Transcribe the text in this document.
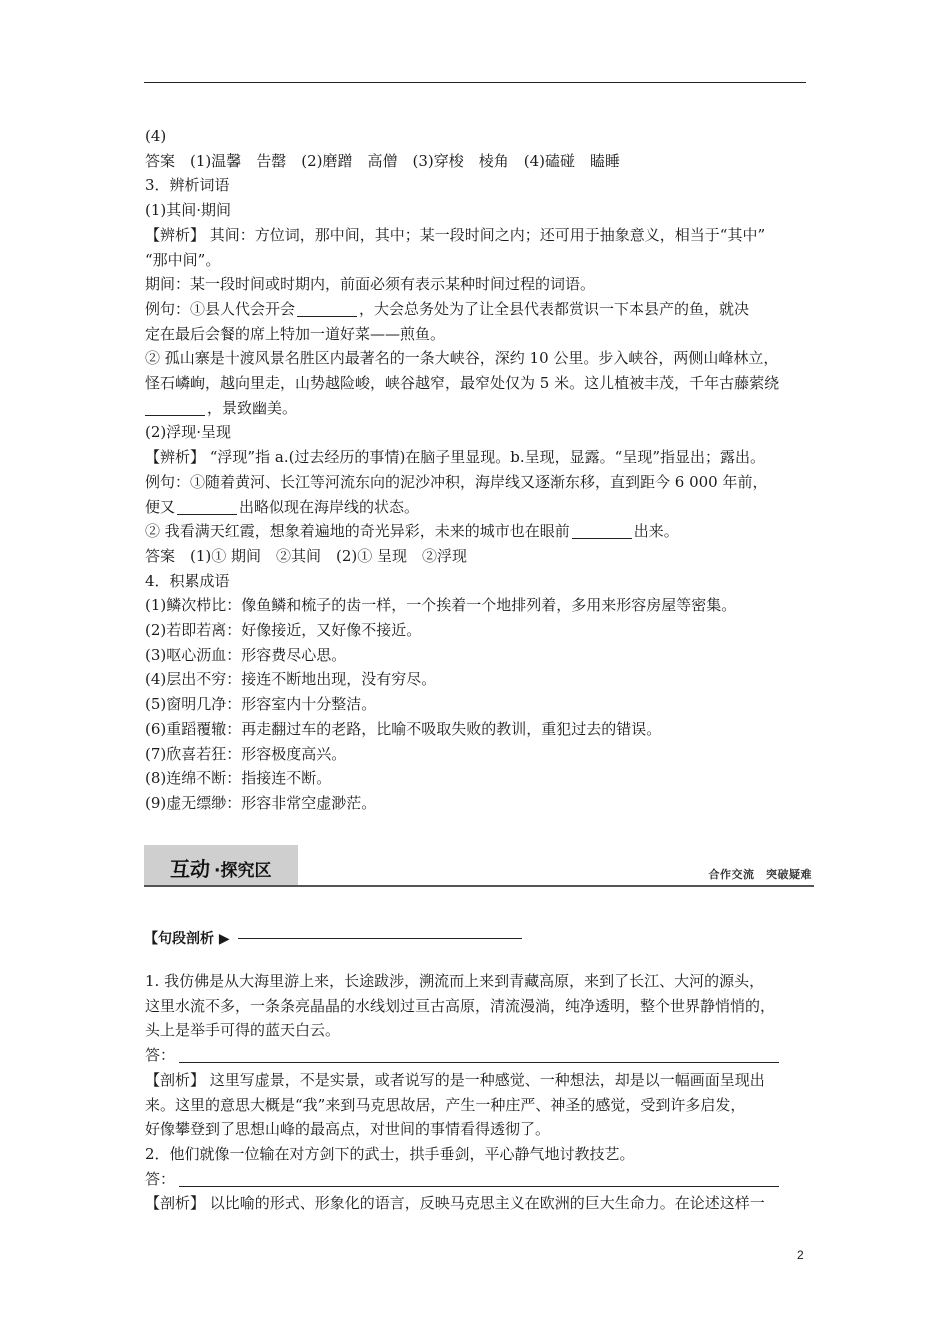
(4)
答案　(1)温馨　告罄　(2)磨蹭　高僧　(3)穿梭　棱角　(4)磕碰　瞌睡
3．辨析词语
(1)其间·期间
【辨析】 其间：方位词，那中间，其中；某一段时间之内；还可用于抽象意义，相当于“其中”
“那中间”。
期间：某一段时间或时期内，前面必须有表示某种时间过程的词语。
例句：①县人代会开会	，大会总务处为了让全县代表都赏识一下本县产的鱼，就决
定在最后会餐的席上特加一道好菜——煎鱼。
② 孤山寨是十渡风景名胜区内最著名的一条大峡谷，深约 10 公里。步入峡谷，两侧山峰林立，
怪石嶙峋，越向里走，山势越险峻，峡谷越窄，最窄处仅为 5 米。这儿植被丰茂，千年古藤萦绕
，景致幽美。
(2)浮现·呈现
【辨析】 “浮现”指 a.(过去经历的事情)在脑子里显现。b.呈现，显露。“呈现”指显出；露出。
例句：①随着黄河、长江等河流东向的泥沙冲积，海岸线又逐渐东移，直到距今 6 000 年前，
便又	出略似现在海岸线的状态。
② 我看满天红霞，想象着遍地的奇光异彩，未来的城市也在眼前	出来。
答案　(1)① 期间　②其间　(2)① 呈现　②浮现
4．积累成语
(1)鳞次栉比：像鱼鳞和梳子的齿一样，一个挨着一个地排列着，多用来形容房屋等密集。
(2)若即若离：好像接近，又好像不接近。
(3)呕心沥血：形容费尽心思。
(4)层出不穷：接连不断地出现，没有穷尽。
(5)窗明几净：形容室内十分整洁。
(6)重蹈覆辙：再走翻过车的老路，比喻不吸取失败的教训，重犯过去的错误。
(7)欣喜若狂：形容极度高兴。
(8)连绵不断：指接连不断。
(9)虚无缥缈：形容非常空虚渺茫。
互动 ·探究区	合作交流　突破疑难
【句段剖析 ▶
1. 我仿佛是从大海里游上来，长途跋涉，溯流而上来到青藏高原，来到了长江、大河的源头，
这里水流不多，一条条亮晶晶的水线划过亘古高原，清流漫淌，纯净透明，整个世界静悄悄的，
头上是举手可得的蓝天白云。
答：
【剖析】 这里写虚景，不是实景，或者说写的是一种感觉、一种想法，却是以一幅画面呈现出
来。这里的意思大概是“我”来到马克思故居，产生一种庄严、神圣的感觉，受到许多启发，
好像攀登到了思想山峰的最高点，对世间的事情看得透彻了。
2．他们就像一位输在对方剑下的武士，拱手垂剑，平心静气地讨教技艺。
答：
【剖析】 以比喻的形式、形象化的语言，反映马克思主义在欧洲的巨大生命力。在论述这样一
2
